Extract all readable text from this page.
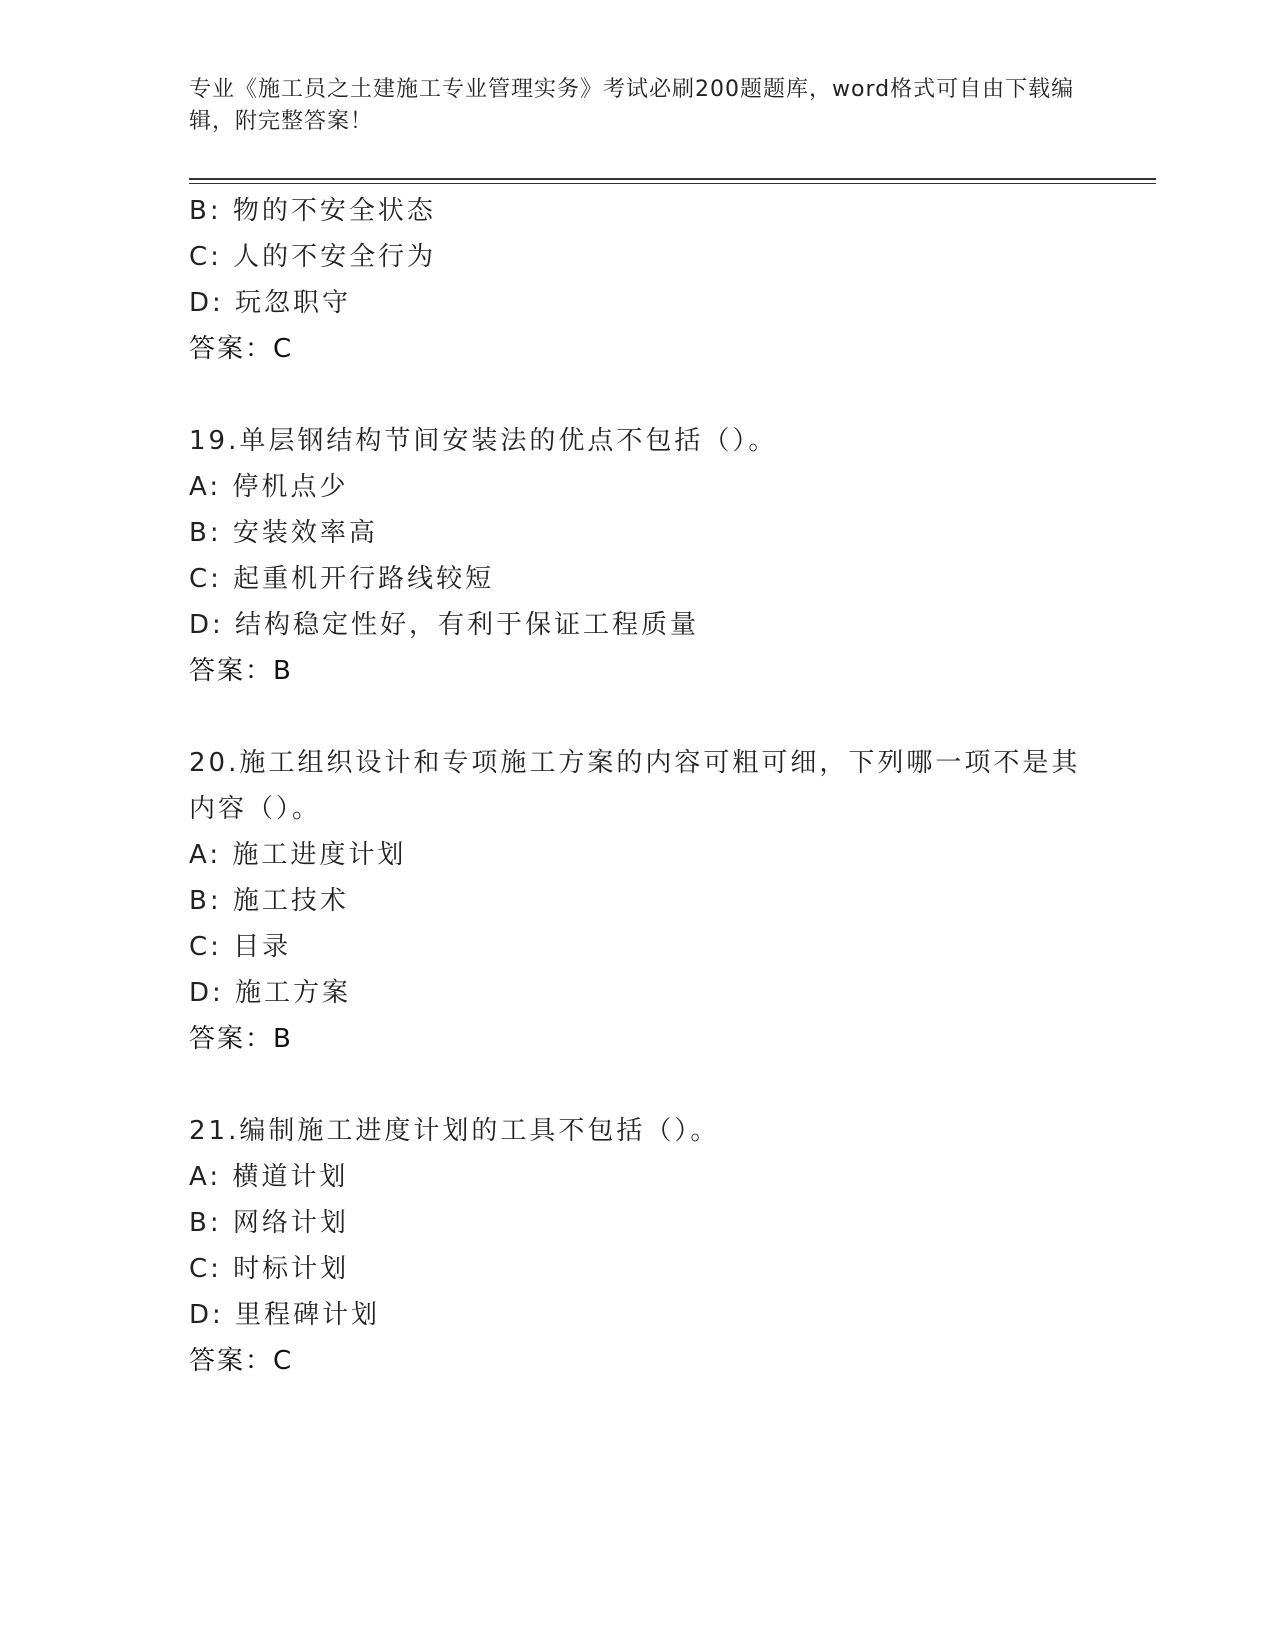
专业《施工员之土建施工专业管理实务》考试必刷200题题库，word格式可自由下载编辑，附完整答案！
B: 物的不安全状态
C: 人的不安全行为
D: 玩忽职守
答案：C
19.单层钢结构节间安装法的优点不包括（）。
A: 停机点少
B: 安装效率高
C: 起重机开行路线较短
D: 结构稳定性好，有利于保证工程质量
答案：B
20.施工组织设计和专项施工方案的内容可粗可细，下列哪一项不是其内容（）。
A: 施工进度计划
B: 施工技术
C: 目录
D: 施工方案
答案：B
21.编制施工进度计划的工具不包括（）。
A: 横道计划
B: 网络计划
C: 时标计划
D: 里程碑计划
答案：C
